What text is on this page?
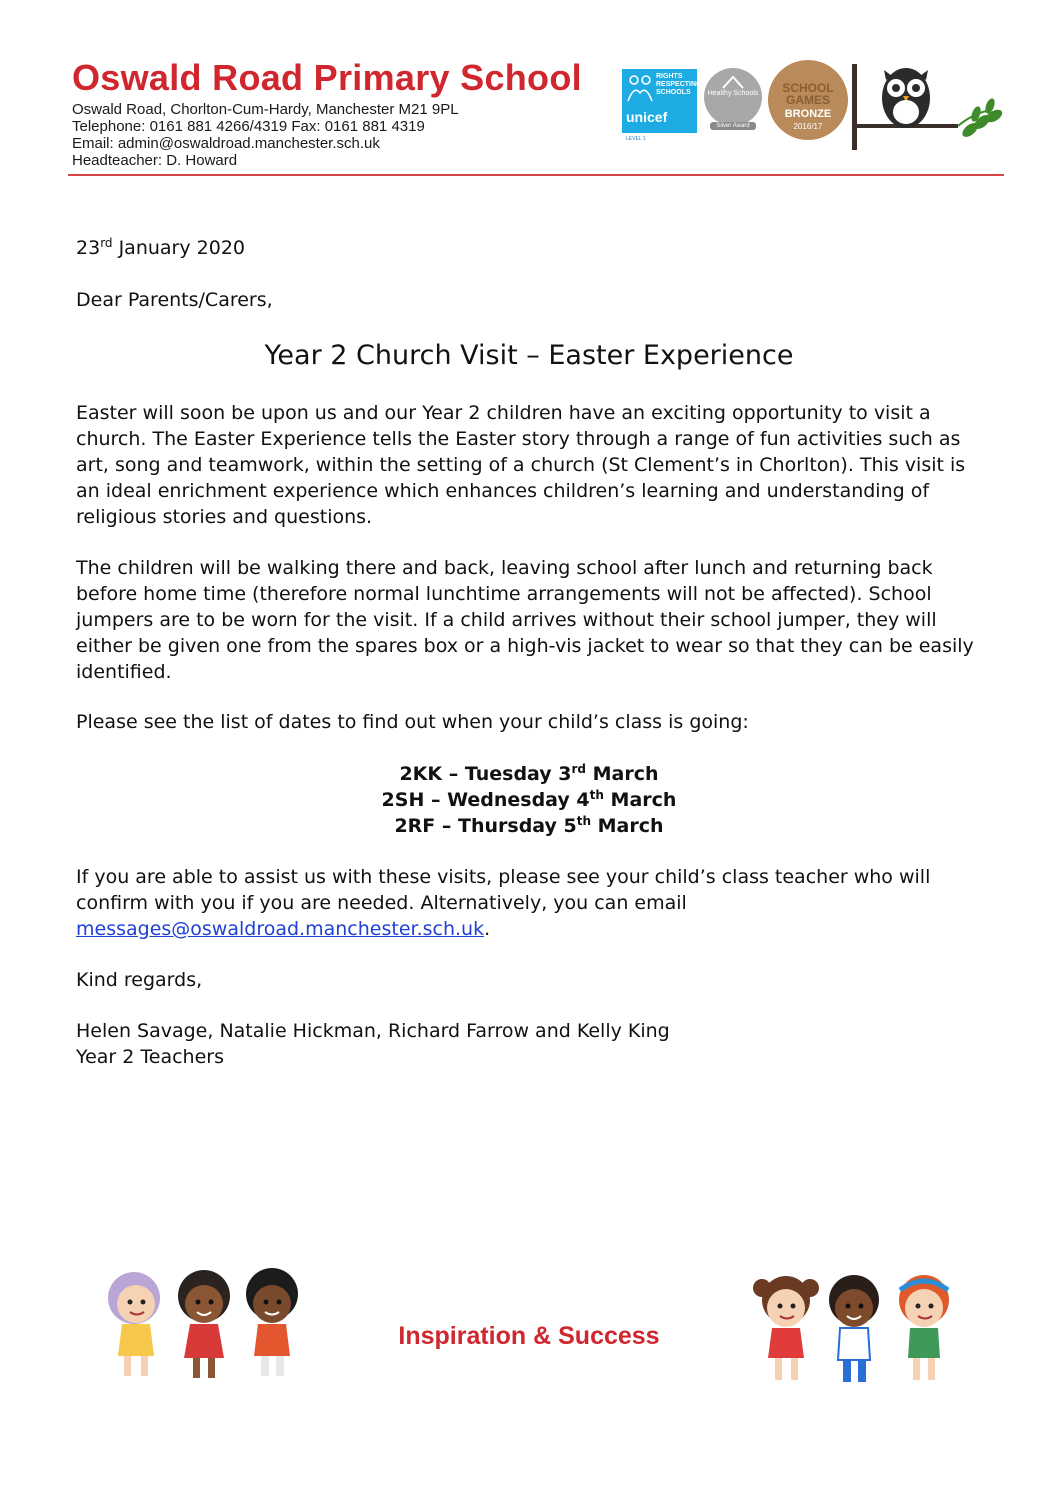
Oswald Road Primary School
Oswald Road, Chorlton-Cum-Hardy, Manchester M21 9PL
Telephone: 0161 881 4266/4319 Fax: 0161 881 4319
Email: admin@oswaldroad.manchester.sch.uk
Headteacher: D. Howard
RIGHTS
RESPECTING
SCHOOLS
unicef
LEVEL 1
Healthy Schools
Silver Award
SCHOOL
GAMES
BRONZE
2016/17
23rd January 2020
Dear Parents/Carers,
Year 2 Church Visit – Easter Experience
Easter will soon be upon us and our Year 2 children have an exciting opportunity to visit a
church. The Easter Experience tells the Easter story through a range of fun activities such as
art, song and teamwork, within the setting of a church (St Clement’s in Chorlton). This visit is
an ideal enrichment experience which enhances children’s learning and understanding of
religious stories and questions.
The children will be walking there and back, leaving school after lunch and returning back
before home time (therefore normal lunchtime arrangements will not be affected). School
jumpers are to be worn for the visit. If a child arrives without their school jumper, they will
either be given one from the spares box or a high-vis jacket to wear so that they can be easily
identified.
Please see the list of dates to find out when your child’s class is going:
2KK – Tuesday 3rd March
2SH – Wednesday 4th March
2RF – Thursday 5th March
If you are able to assist us with these visits, please see your child’s class teacher who will
confirm with you if you are needed. Alternatively, you can email
messages@oswaldroad.manchester.sch.uk.
Kind regards,
Helen Savage, Natalie Hickman, Richard Farrow and Kelly King
Year 2 Teachers
Inspiration & Success
